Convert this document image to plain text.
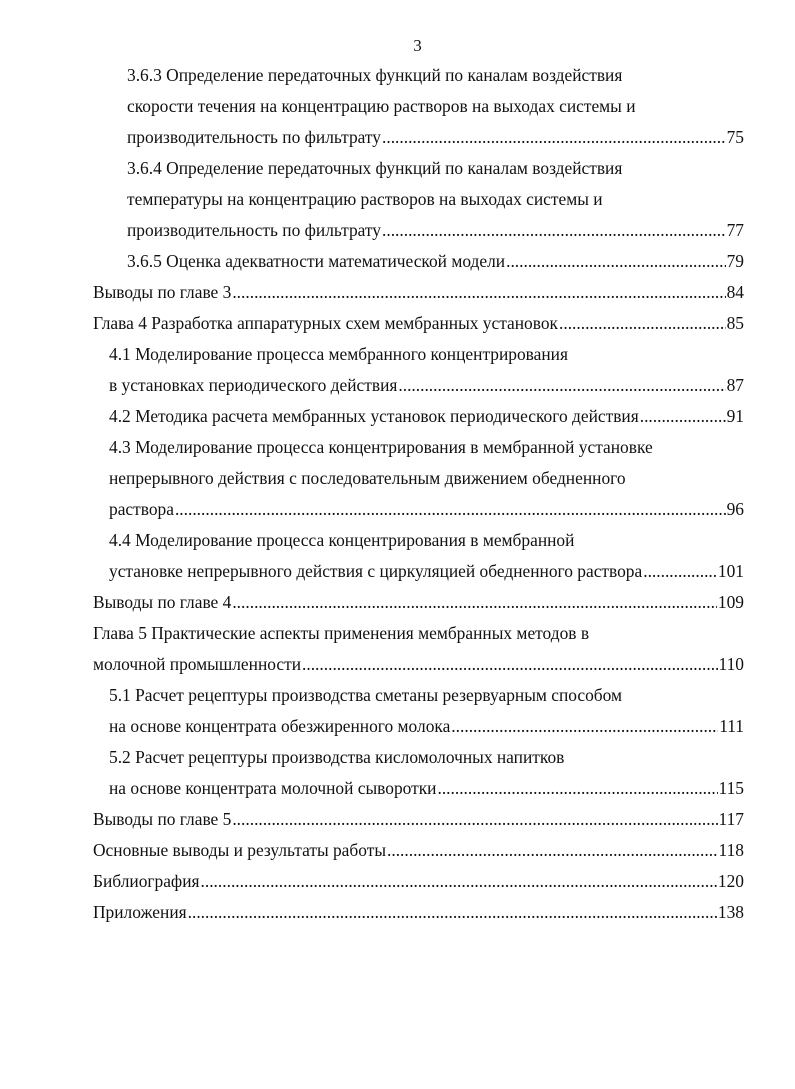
3
3.6.3 Определение передаточных функций по каналам воздействия
скорости течения на концентрацию растворов на выходах системы и
производительность по фильтрату .....	75
3.6.4 Определение передаточных функций по каналам воздействия
температуры на концентрацию растворов на выходах системы и
производительность по фильтрату .....	77
3.6.5 Оценка адекватности математической модели .....	79
Выводы по главе 3 .....	84
Глава 4 Разработка аппаратурных схем мембранных установок .....	85
4.1 Моделирование процесса мембранного концентрирования
в установках периодического действия .....	87
4.2 Методика расчета мембранных установок периодического действия .....	91
4.3 Моделирование процесса концентрирования в мембранной установке
непрерывного действия с последовательным движением обедненного
раствора .....	96
4.4 Моделирование процесса концентрирования в мембранной
установке непрерывного действия с циркуляцией обедненного раствора .....	101
Выводы по главе 4 .....	109
Глава 5 Практические аспекты применения мембранных методов в
молочной промышленности .....	110
5.1 Расчет рецептуры производства сметаны резервуарным способом
на основе концентрата обезжиренного молока .....	111
5.2 Расчет рецептуры производства кисломолочных напитков
на основе концентрата молочной сыворотки .....	115
Выводы по главе 5 .....	117
Основные выводы и результаты работы .....	118
Библиография .....	120
Приложения .....	138
